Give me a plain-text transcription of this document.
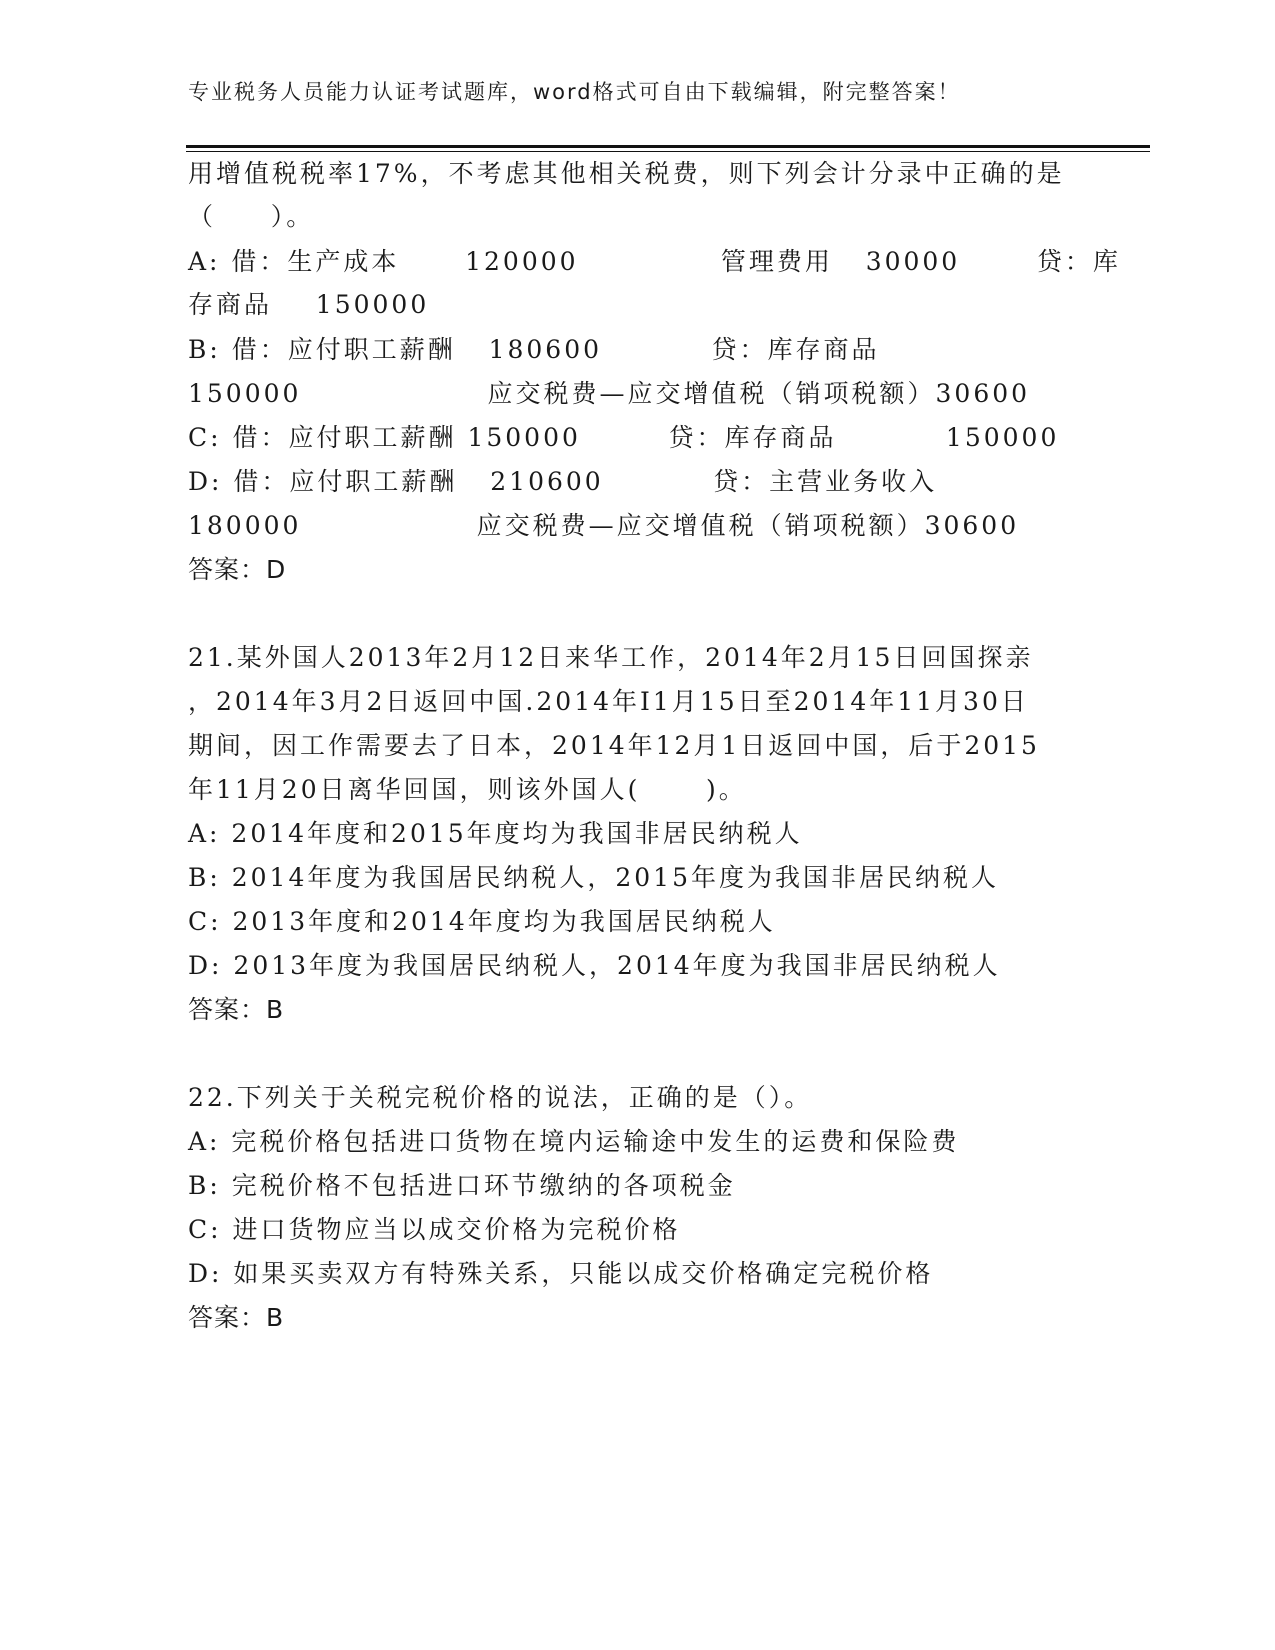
专业税务人员能力认证考试题库，word格式可自由下载编辑，附完整答案！
用增值税税率17%，不考虑其他相关税费，则下列会计分录中正确的是
（     ）。
A: 借：生产成本      120000             管理费用   30000       贷：库
存商品    150000
B: 借：应付职工薪酬   180600          贷：库存商品
150000                 应交税费—应交增值税（销项税额）30600
C: 借：应付职工薪酬 150000        贷：库存商品          150000
D: 借：应付职工薪酬   210600          贷：主营业务收入
180000                应交税费—应交增值税（销项税额）30600
答案：D
21.某外国人2013年2月12日来华工作，2014年2月15日回国探亲
，2014年3月2日返回中国.2014年I1月15日至2014年11月30日
期间，因工作需要去了日本，2014年12月1日返回中国，后于2015
年11月20日离华回国，则该外国人(      )。
A: 2014年度和2015年度均为我国非居民纳税人
B: 2014年度为我国居民纳税人，2015年度为我国非居民纳税人
C: 2013年度和2014年度均为我国居民纳税人
D: 2013年度为我国居民纳税人，2014年度为我国非居民纳税人
答案：B
22.下列关于关税完税价格的说法，正确的是（）。
A: 完税价格包括进口货物在境内运输途中发生的运费和保险费
B: 完税价格不包括进口环节缴纳的各项税金
C: 进口货物应当以成交价格为完税价格
D: 如果买卖双方有特殊关系，只能以成交价格确定完税价格
答案：B
